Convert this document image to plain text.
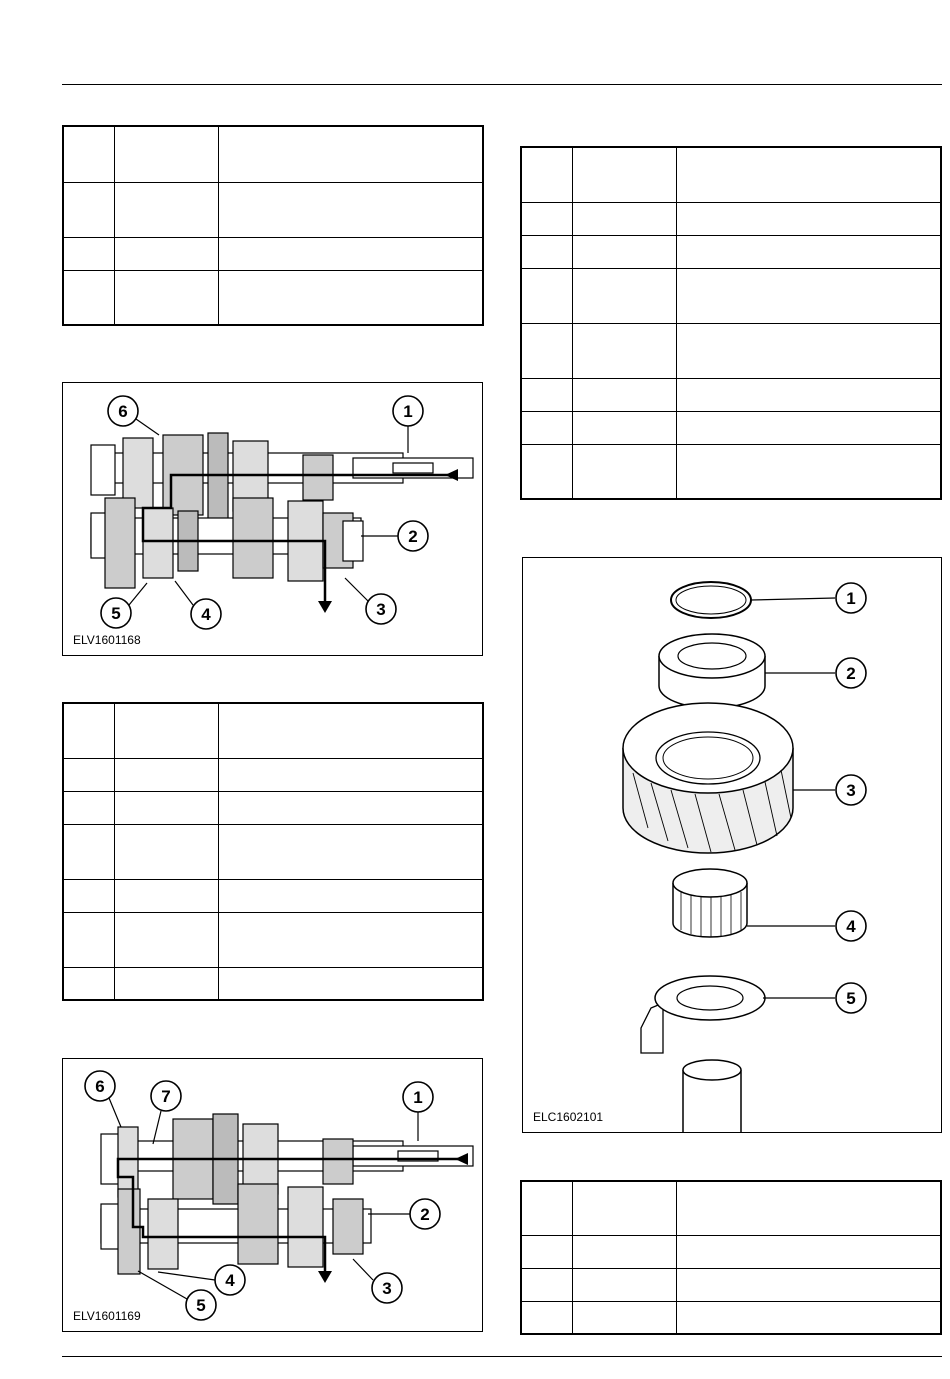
1
2
3
4
5
6
ELV1601168

1
2
3
4
5
ELC1602101
1
2
3
4
5
6
7
ELV1601169
